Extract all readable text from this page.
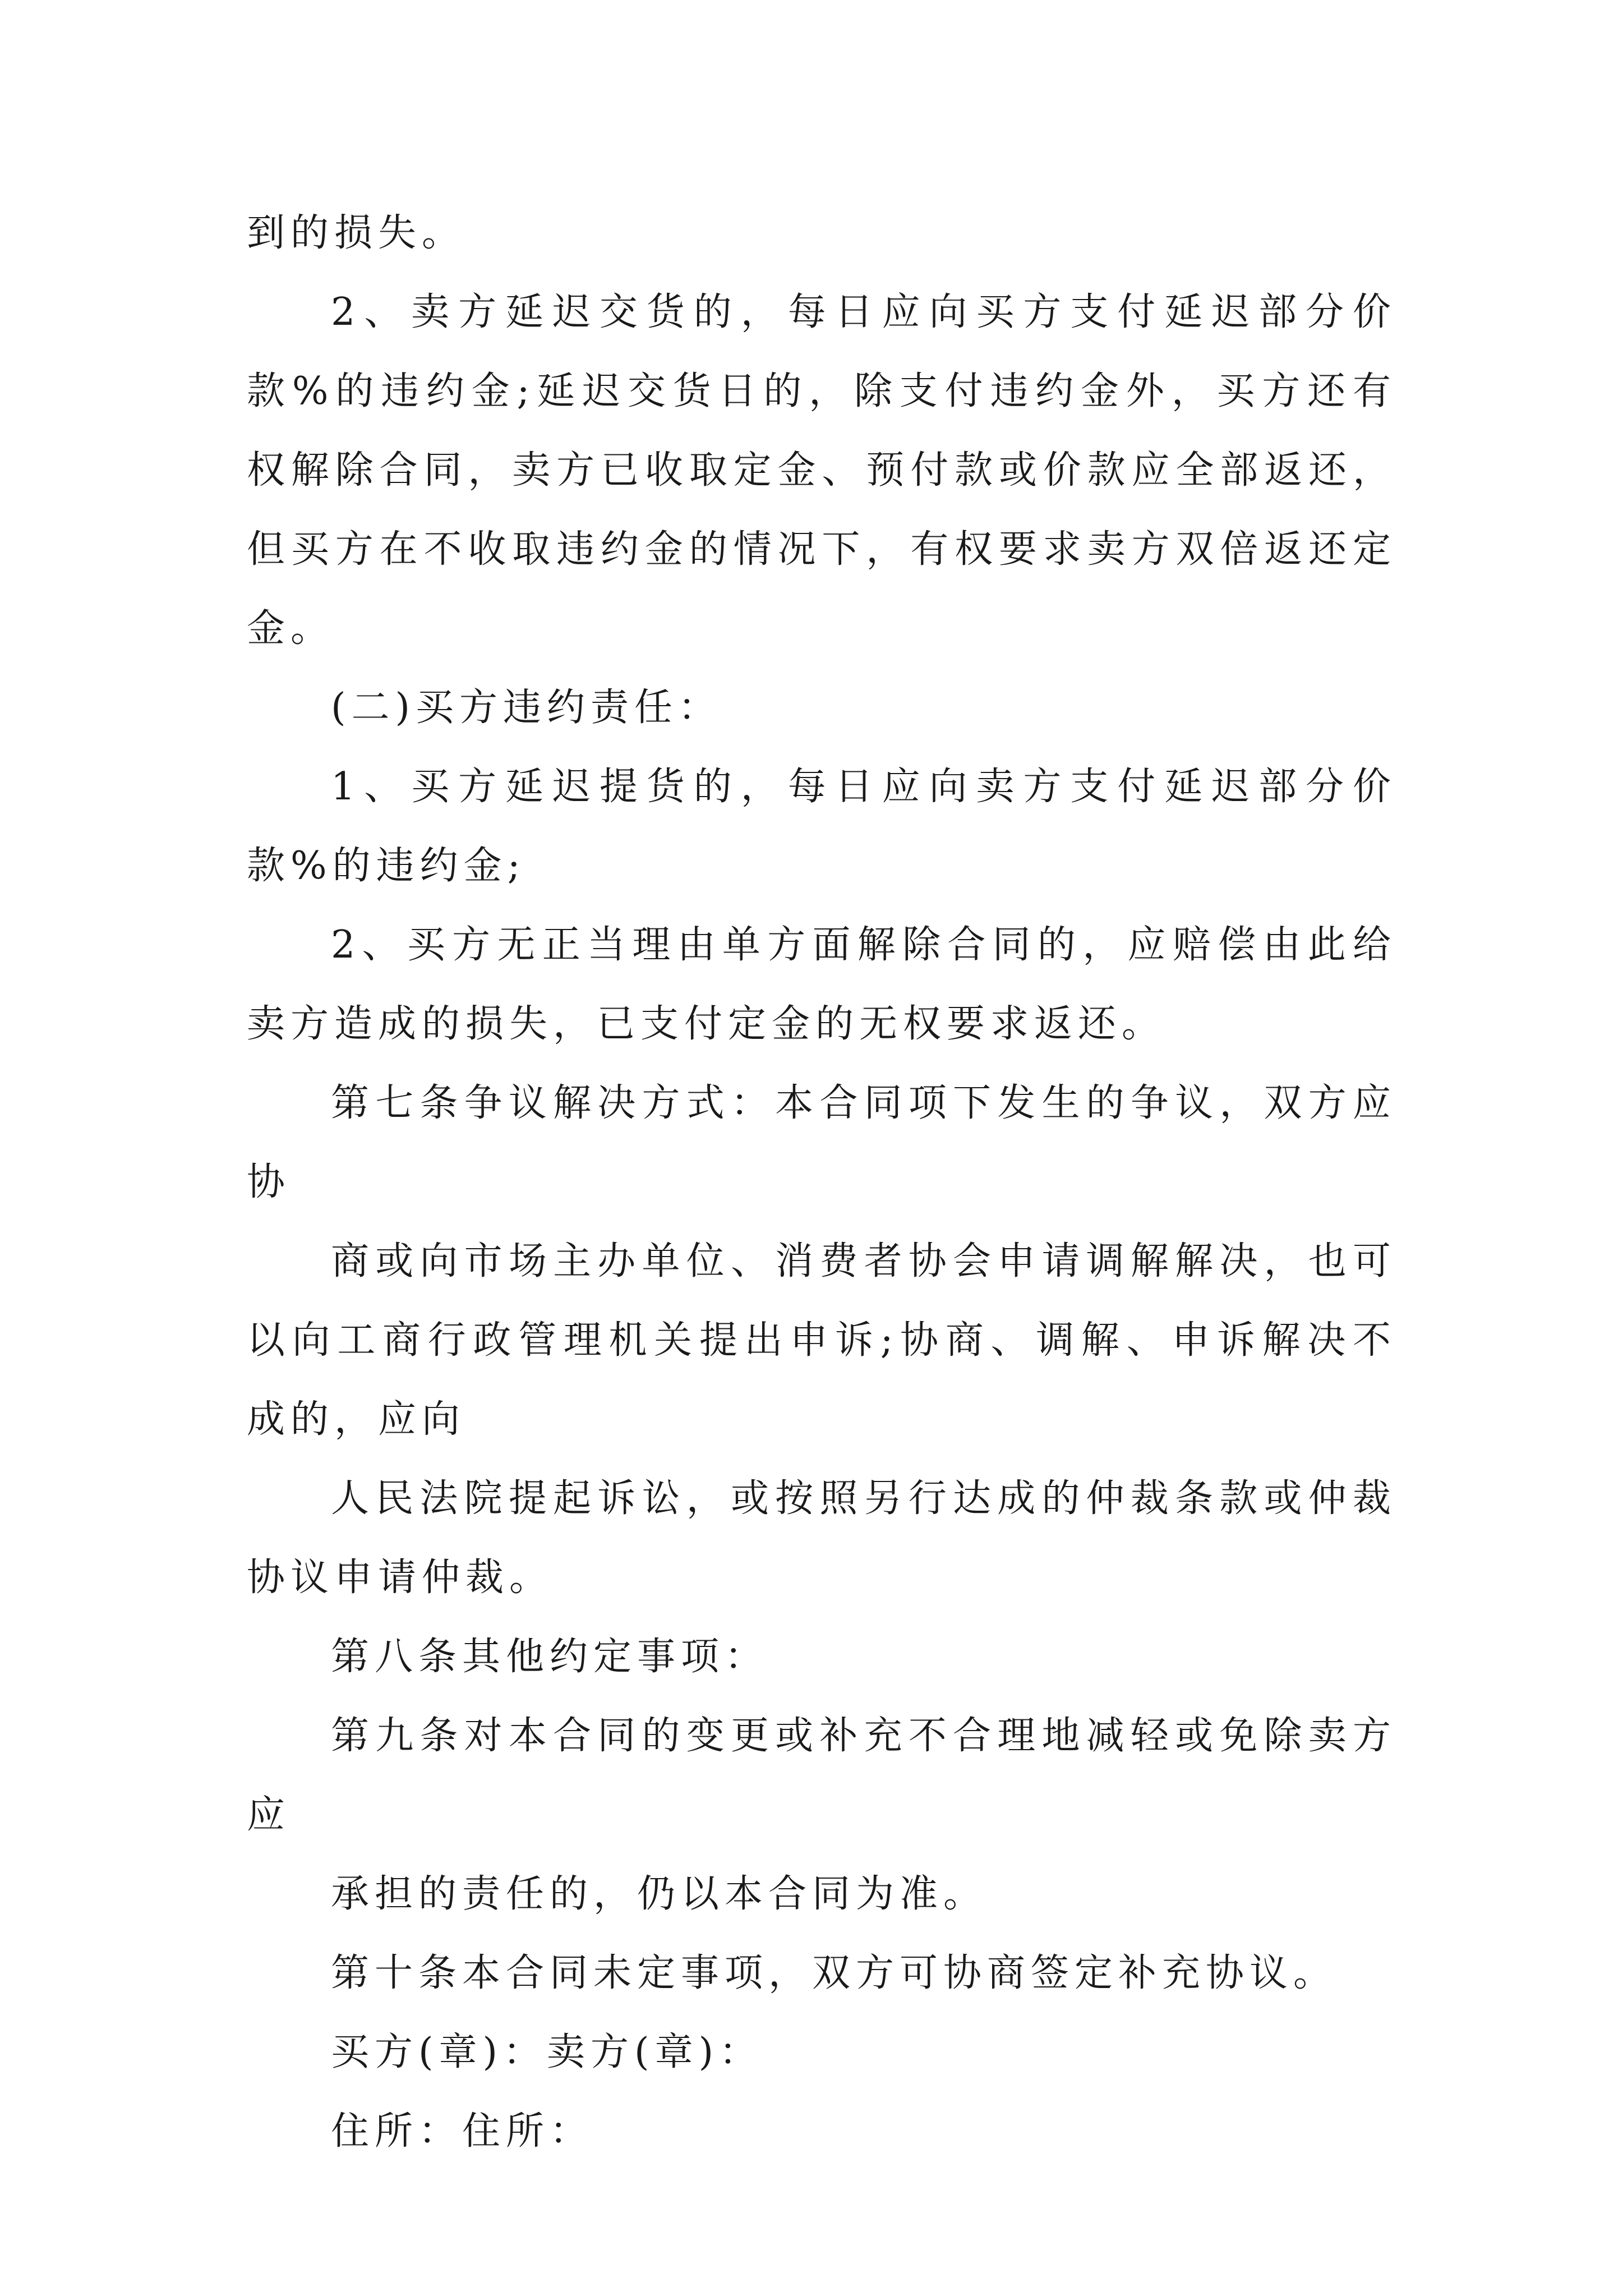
到的损失。

2、卖方延迟交货的，每日应向买方支付延迟部分价款%的违约金;延迟交货日的，除支付违约金外，买方还有权解除合同，卖方已收取定金、预付款或价款应全部返还，但买方在不收取违约金的情况下，有权要求卖方双倍返还定金。

(二)买方违约责任：

1、买方延迟提货的，每日应向卖方支付延迟部分价款%的违约金;

2、买方无正当理由单方面解除合同的，应赔偿由此给卖方造成的损失，已支付定金的无权要求返还。

第七条争议解决方式：本合同项下发生的争议，双方应协

商或向市场主办单位、消费者协会申请调解解决，也可以向工商行政管理机关提出申诉;协商、调解、申诉解决不成的，应向

人民法院提起诉讼，或按照另行达成的仲裁条款或仲裁协议申请仲裁。

第八条其他约定事项：

第九条对本合同的变更或补充不合理地减轻或免除卖方应

承担的责任的，仍以本合同为准。

第十条本合同未定事项，双方可协商签定补充协议。

买方(章)：卖方(章)：

住所：住所：
